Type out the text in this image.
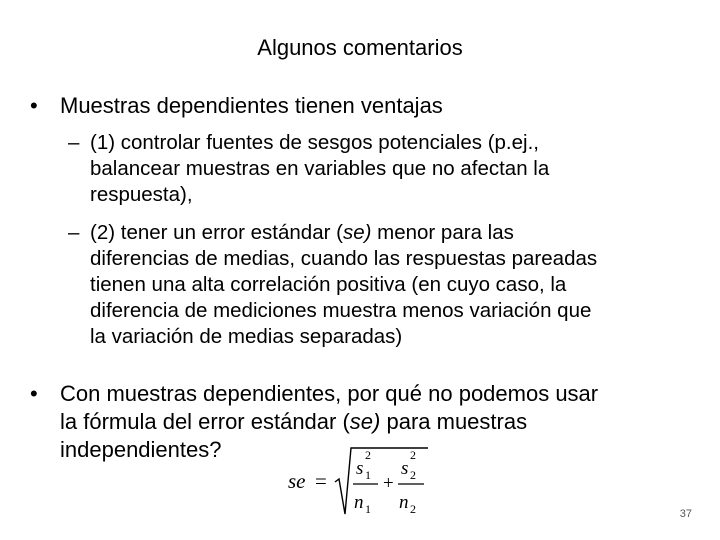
Algunos comentarios
• Muestras dependientes tienen ventajas
– (1) controlar fuentes de sesgos potenciales (p.ej.,
balancear muestras en variables que no afectan la
respuesta),
– (2) tener un error estándar (se) menor para las
diferencias de medias, cuando las respuestas pareadas
tienen una alta correlación positiva (en cuyo caso, la
diferencia de mediciones muestra menos variación que
la variación de medias separadas)
• Con muestras dependientes, por qué no podemos usar
la fórmula del error estándar (se) para muestras
independientes?
se =
s
2
1
n 1
+
s
2
2
n 2	37
